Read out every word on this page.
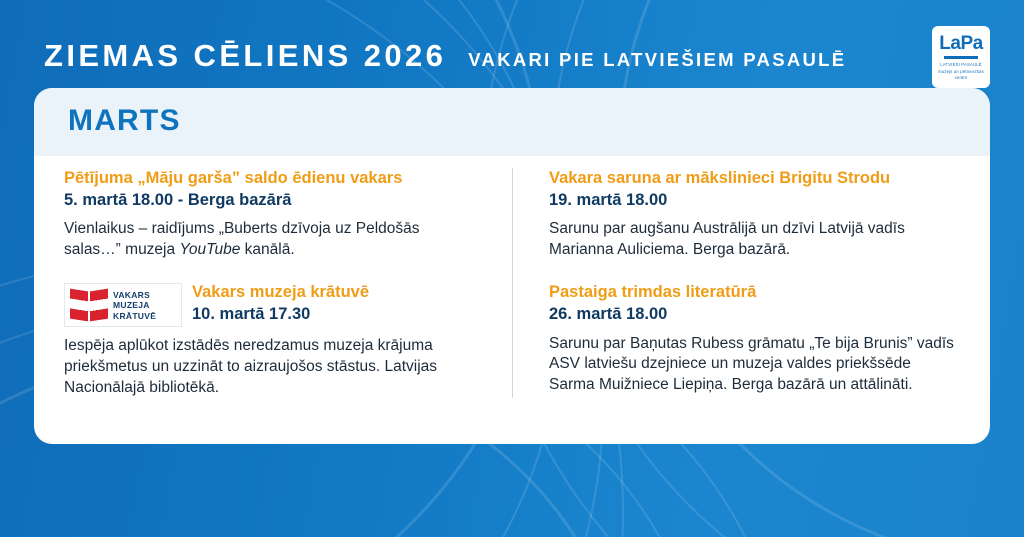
ZIEMAS CĒLIENS 2026 VAKARI PIE LATVIEŠIEM PASAULĒ
LaPa
LATVIEŠI PASAULĒ
muzejs un pētniecības centrs
MARTS
Pētījuma „Māju garša” saldo ēdienu vakars
5. martā 18.00 - Berga bazārā
Vienlaikus – raidījums „Buberts dzīvoja uz Peldošās salas…” muzeja YouTube kanālā.
VAKARS MUZEJA KRĀTUVĒ
Vakars muzeja krātuvē
10. martā 17.30
Iespēja aplūkot izstādēs neredzamus muzeja krājuma priekšmetus un uzzināt to aizraujošos stāstus. Latvijas Nacionālajā bibliotēkā.
Vakara saruna ar mākslinieci Brigitu Strodu
19. martā 18.00
Sarunu par augšanu Austrālijā un dzīvi Latvijā vadīs Marianna Auliciema. Berga bazārā.
Pastaiga trimdas literatūrā
26. martā 18.00
Sarunu par Baņutas Rubess grāmatu „Te bija Brunis” vadīs ASV latviešu dzejniece un muzeja valdes priekšsēde Sarma Muižniece Liepiņa. Berga bazārā un attālināti.
